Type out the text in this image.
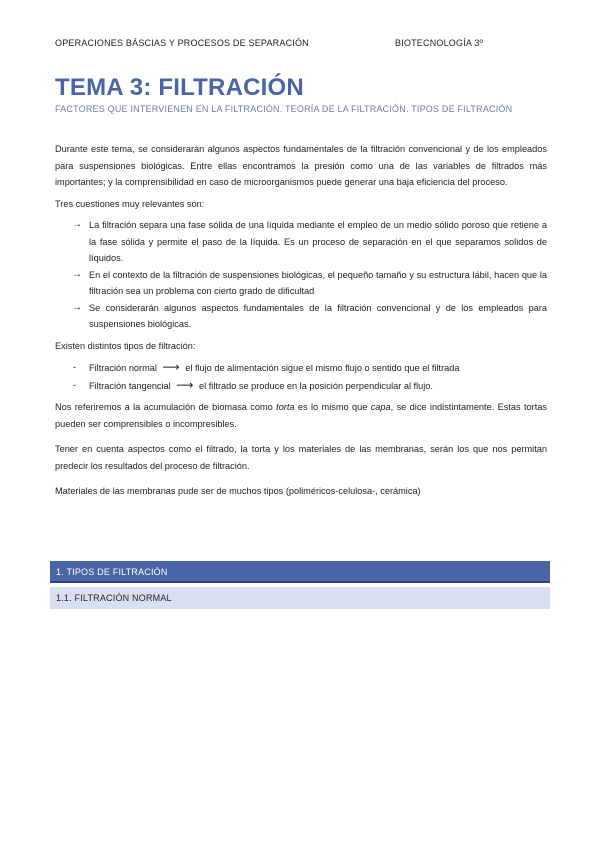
OPERACIONES BÁSCIAS Y PROCESOS DE SEPARACIÓN	BIOTECNOLOGÍA 3º
TEMA 3: FILTRACIÓN
FACTORES QUE INTERVIENEN EN LA FILTRACIÓN. TEORÍA DE LA FILTRACIÓN. TIPOS DE FILTRACIÓN

Durante este tema, se considerarán algunos aspectos fundamentales de la filtración convencional y de los empleados para suspensiones biológicas. Entre ellas encontramos la presión como una de las variables de filtrados más importantes; y la comprensibilidad en caso de microorganismos puede generar una baja eficiencia del proceso.

Tres cuestiones muy relevantes son:

→ La filtración separa una fase sólida de una líquida mediante el empleo de un medio sólido poroso que retiene a la fase sólida y permite el paso de la líquida. Es un proceso de separación en el que separamos solidos de líquidos.
→ En el contexto de la filtración de suspensiones biológicas, el pequeño tamaño y su estructura lábil, hacen que la filtración sea un problema con cierto grado de dificultad
→ Se considerarán algunos aspectos fundamentales de la filtración convencional y de los empleados para suspensiones biológicas.

Existen distintos tipos de filtración:

- Filtración normal ⟶ el flujo de alimentación sigue el mismo flujo o sentido que el filtrada
- Filtración tangencial ⟶ el filtrado se produce en la posición perpendicular al flujo.

Nos referiremos a la acumulación de biomasa como torta es lo mismo que capa, se dice indistintamente. Estas tortas pueden ser comprensibles o incompresibles.

Tener en cuenta aspectos como el filtrado, la torta y los materiales de las membranas, serán los que nos permitan predecir los resultados del proceso de filtración.

Materiales de las membranas pude ser de muchos tipos (poliméricos-celulosa-, cerámica)

1. TIPOS DE FILTRACIÓN
1.1. FILTRACIÓN NORMAL
